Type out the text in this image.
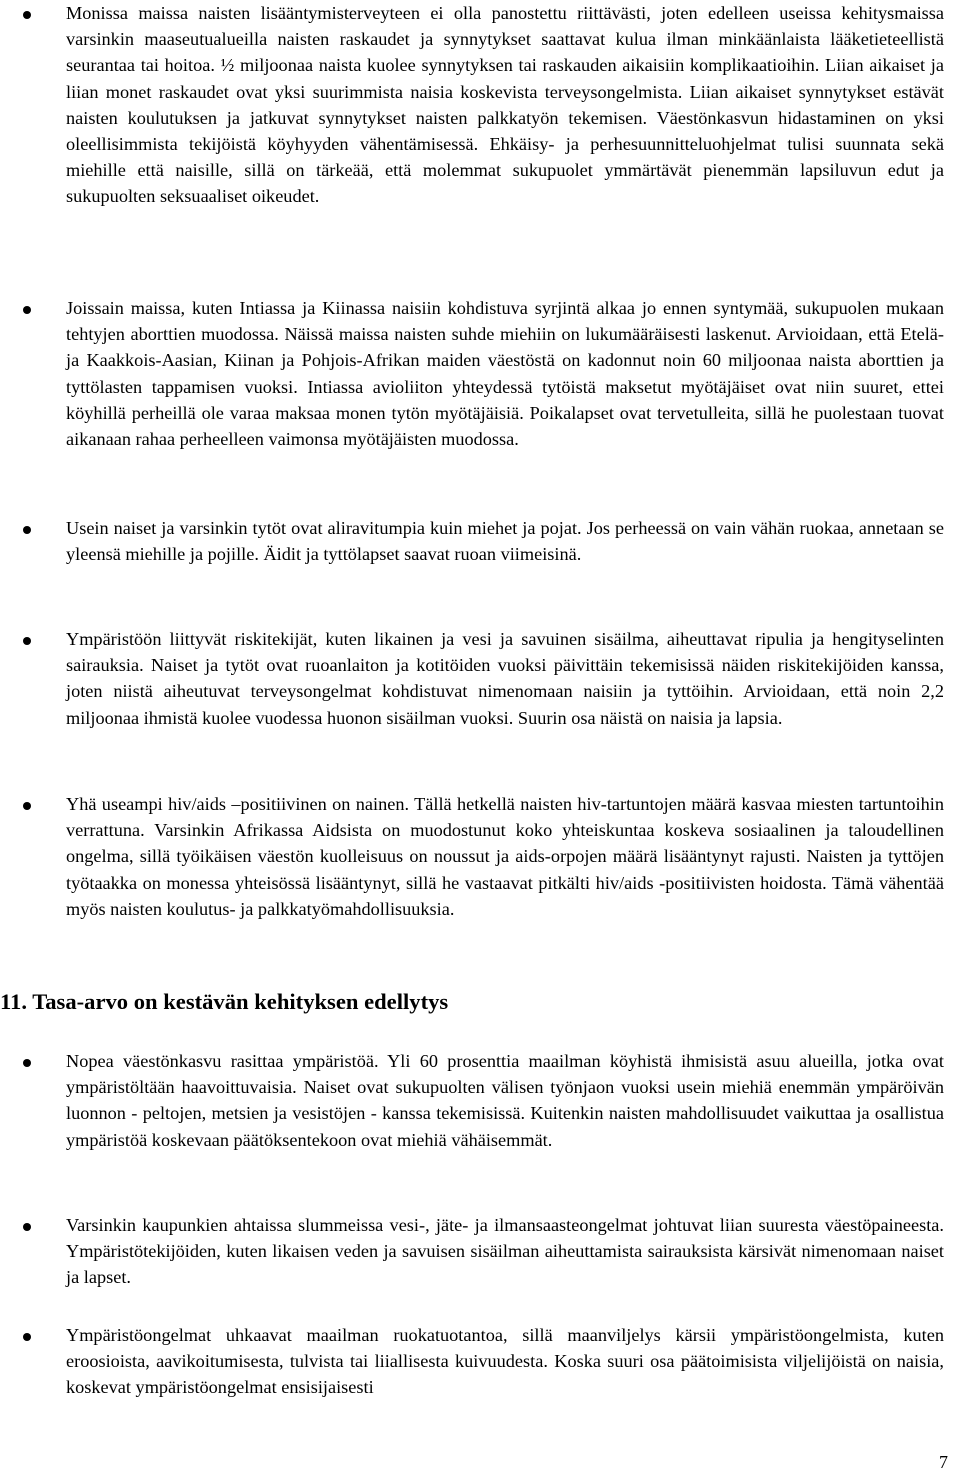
Monissa maissa naisten lisääntymisterveyteen ei olla panostettu riittävästi, joten edelleen useissa kehitysmaissa varsinkin maaseutualueilla naisten raskaudet ja synnytykset saattavat kulua ilman minkäänlaista lääketieteellistä seurantaa tai hoitoa. ½ miljoonaa naista kuolee synnytyksen tai raskauden aikaisiin komplikaatioihin. Liian aikaiset ja liian monet raskaudet ovat yksi suurimmista naisia koskevista terveysongelmista. Liian aikaiset synnytykset estävät naisten koulutuksen ja jatkuvat synnytykset naisten palkkatyön tekemisen. Väestönkasvun hidastaminen on yksi oleellisimmista tekijöistä köyhyyden vähentämisessä. Ehkäisy- ja perhesuunnitteluohjelmat tulisi suunnata sekä miehille että naisille, sillä on tärkeää, että molemmat sukupuolet ymmärtävät pienemmän lapsiluvun edut ja sukupuolten seksuaaliset oikeudet.
Joissain maissa, kuten Intiassa ja Kiinassa naisiin kohdistuva syrjintä alkaa jo ennen syntymää, sukupuolen mukaan tehtyjen aborttien muodossa. Näissä maissa naisten suhde miehiin on lukumääräisesti laskenut. Arvioidaan, että Etelä- ja Kaakkois-Aasian, Kiinan ja Pohjois-Afrikan maiden väestöstä on kadonnut noin 60 miljoonaa naista aborttien ja tyttölasten tappamisen vuoksi. Intiassa avioliiton yhteydessä tytöistä maksetut myötäjäiset ovat niin suuret, ettei köyhillä perheillä ole varaa maksaa monen tytön myötäjäisiä. Poikalapset ovat tervetulleita, sillä he puolestaan tuovat aikanaan rahaa perheelleen vaimonsa myötäjäisten muodossa.
Usein naiset ja varsinkin tytöt ovat aliravitumpia kuin miehet ja pojat. Jos perheessä on vain vähän ruokaa, annetaan se yleensä miehille ja pojille. Äidit ja tyttölapset saavat ruoan viimeisinä.
Ympäristöön liittyvät riskitekijät, kuten likainen ja vesi ja savuinen sisäilma, aiheuttavat ripulia ja hengityselinten sairauksia. Naiset ja tytöt ovat ruoanlaiton ja kotitöiden vuoksi päivittäin tekemisissä näiden riskitekijöiden kanssa, joten niistä aiheutuvat terveysongelmat kohdistuvat nimenomaan naisiin ja tyttöihin. Arvioidaan, että noin 2,2 miljoonaa ihmistä kuolee vuodessa huonon sisäilman vuoksi. Suurin osa näistä on naisia ja lapsia.
Yhä useampi hiv/aids –positiivinen on nainen. Tällä hetkellä naisten hiv-tartuntojen määrä kasvaa miesten tartuntoihin verrattuna. Varsinkin Afrikassa Aidsista on muodostunut koko yhteiskuntaa koskeva sosiaalinen ja taloudellinen ongelma, sillä työikäisen väestön kuolleisuus on noussut ja aids-orpojen määrä lisääntynyt rajusti. Naisten ja tyttöjen työtaakka on monessa yhteisössä lisääntynyt, sillä he vastaavat pitkälti hiv/aids -positiivisten hoidosta. Tämä vähentää myös naisten koulutus- ja palkkatyömahdollisuuksia.
11. Tasa-arvo on kestävän kehityksen edellytys
Nopea väestönkasvu rasittaa ympäristöä. Yli 60 prosenttia maailman köyhistä ihmisistä asuu alueilla, jotka ovat ympäristöltään haavoittuvaisia. Naiset ovat sukupuolten välisen työnjaon vuoksi usein miehiä enemmän ympäröivän luonnon - peltojen, metsien ja vesistöjen - kanssa tekemisissä. Kuitenkin naisten mahdollisuudet vaikuttaa ja osallistua ympäristöä koskevaan päätöksentekoon ovat miehiä vähäisemmät.
Varsinkin kaupunkien ahtaissa slummeissa vesi-, jäte- ja ilmansaasteongelmat johtuvat liian suuresta väestöpaineesta. Ympäristötekijöiden, kuten likaisen veden ja savuisen sisäilman aiheuttamista sairauksista kärsivät nimenomaan naiset ja lapset.
Ympäristöongelmat uhkaavat maailman ruokatuotantoa, sillä maanviljelys kärsii ympäristöongelmista, kuten eroosioista, aavikoitumisesta, tulvista tai liiallisesta kuivuudesta. Koska suuri osa päätoimisista viljelijöistä on naisia, koskevat ympäristöongelmat ensisijaisesti
7
